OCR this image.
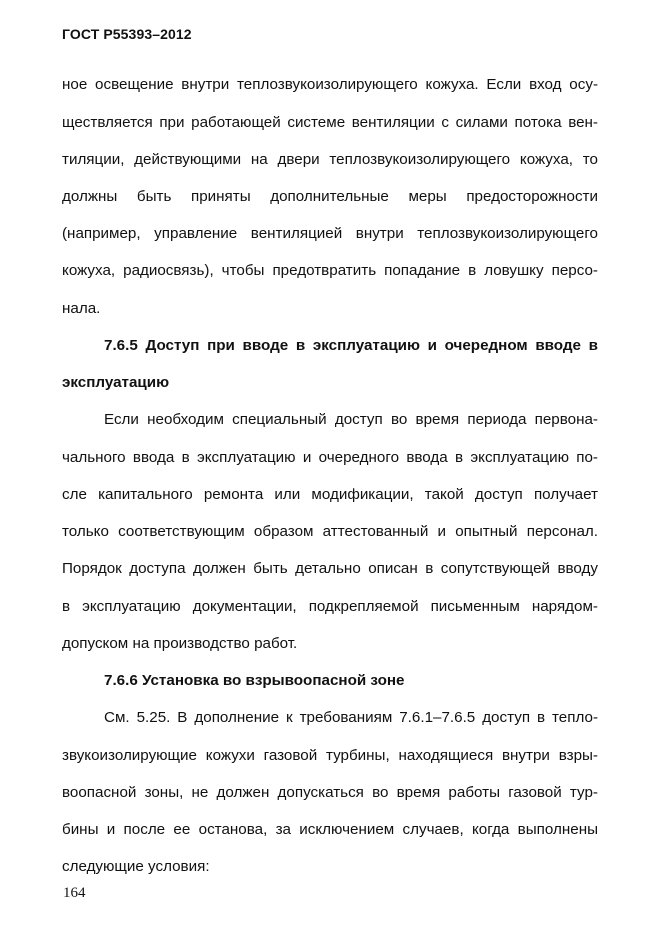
ГОСТ Р55393–2012
ное освещение внутри теплозвукоизолирующего кожуха. Если вход осу-
ществляется при работающей системе вентиляции с силами потока вен-
тиляции, действующими на двери теплозвукоизолирующего кожуха, то
должны быть приняты дополнительные меры предосторожности
(например, управление вентиляцией внутри теплозвукоизолирующего
кожуха, радиосвязь), чтобы предотвратить попадание в ловушку персо-
нала.
7.6.5 Доступ при вводе в эксплуатацию и очередном вводе в
эксплуатацию
Если необходим специальный доступ во время периода первона-
чального ввода в эксплуатацию и очередного ввода в эксплуатацию по-
сле капитального ремонта или модификации, такой доступ получает
только соответствующим образом аттестованный и опытный персонал.
Порядок доступа должен быть детально описан в сопутствующей вводу
в эксплуатацию документации, подкрепляемой письменным нарядом-
допуском на производство работ.
7.6.6 Установка во взрывоопасной зоне
См. 5.25. В дополнение к требованиям 7.6.1–7.6.5 доступ в тепло-
звукоизолирующие кожухи газовой турбины, находящиеся внутри взры-
воопасной зоны, не должен допускаться во время работы газовой тур-
бины и после ее останова, за исключением случаев, когда выполнены
следующие условия:
164
